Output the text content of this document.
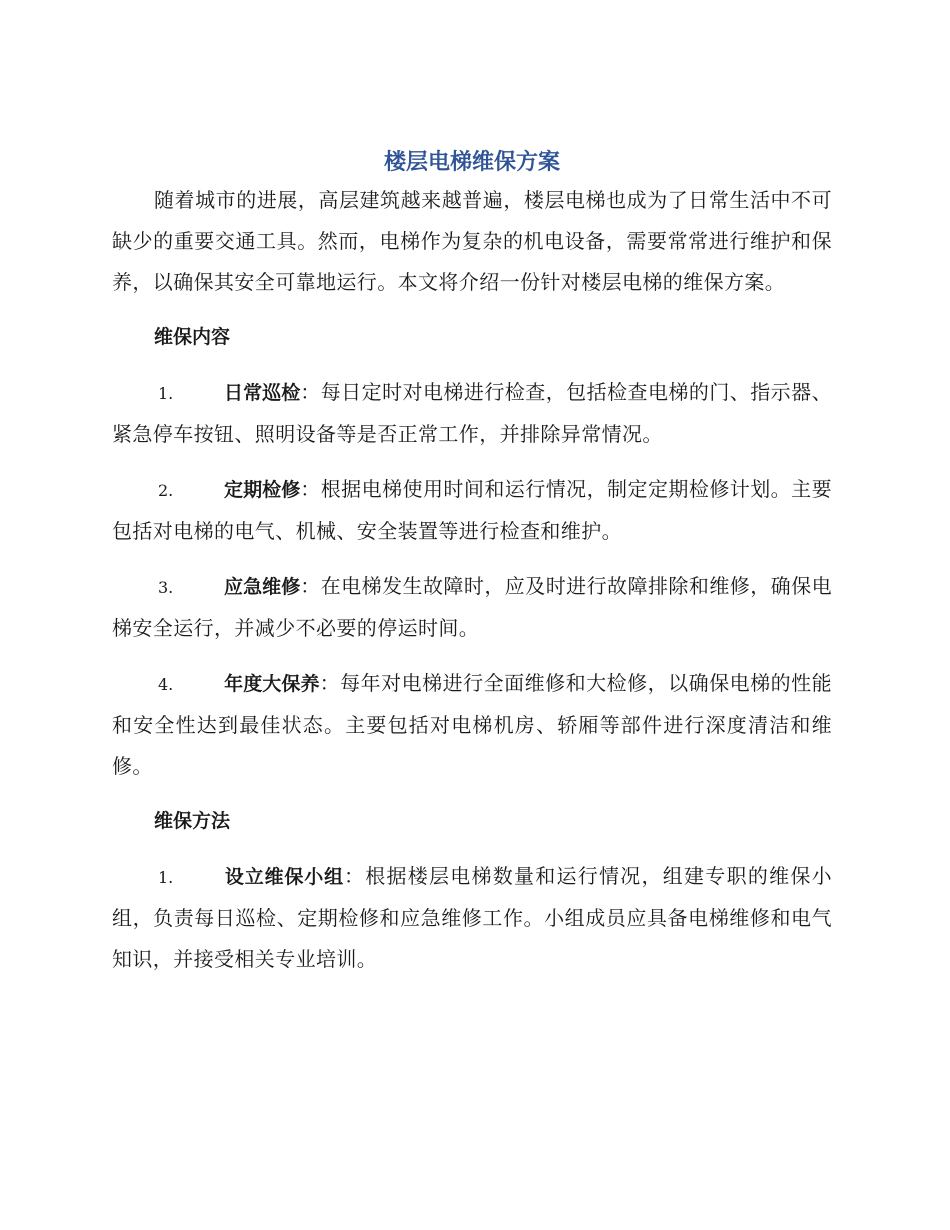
楼层电梯维保方案

随着城市的进展，高层建筑越来越普遍，楼层电梯也成为了日常生活中不可缺少的重要交通工具。然而，电梯作为复杂的机电设备，需要常常进行维护和保养，以确保其安全可靠地运行。本文将介绍一份针对楼层电梯的维保方案。

维保内容

1.	日常巡检：每日定时对电梯进行检查，包括检查电梯的门、指示器、紧急停车按钮、照明设备等是否正常工作，并排除异常情况。

2.	定期检修：根据电梯使用时间和运行情况，制定定期检修计划。主要包括对电梯的电气、机械、安全装置等进行检查和维护。

3.	应急维修：在电梯发生故障时，应及时进行故障排除和维修，确保电梯安全运行，并减少不必要的停运时间。

4.	年度大保养：每年对电梯进行全面维修和大检修，以确保电梯的性能和安全性达到最佳状态。主要包括对电梯机房、轿厢等部件进行深度清洁和维修。

维保方法

1.	设立维保小组：根据楼层电梯数量和运行情况，组建专职的维保小组，负责每日巡检、定期检修和应急维修工作。小组成员应具备电梯维修和电气知识，并接受相关专业培训。
